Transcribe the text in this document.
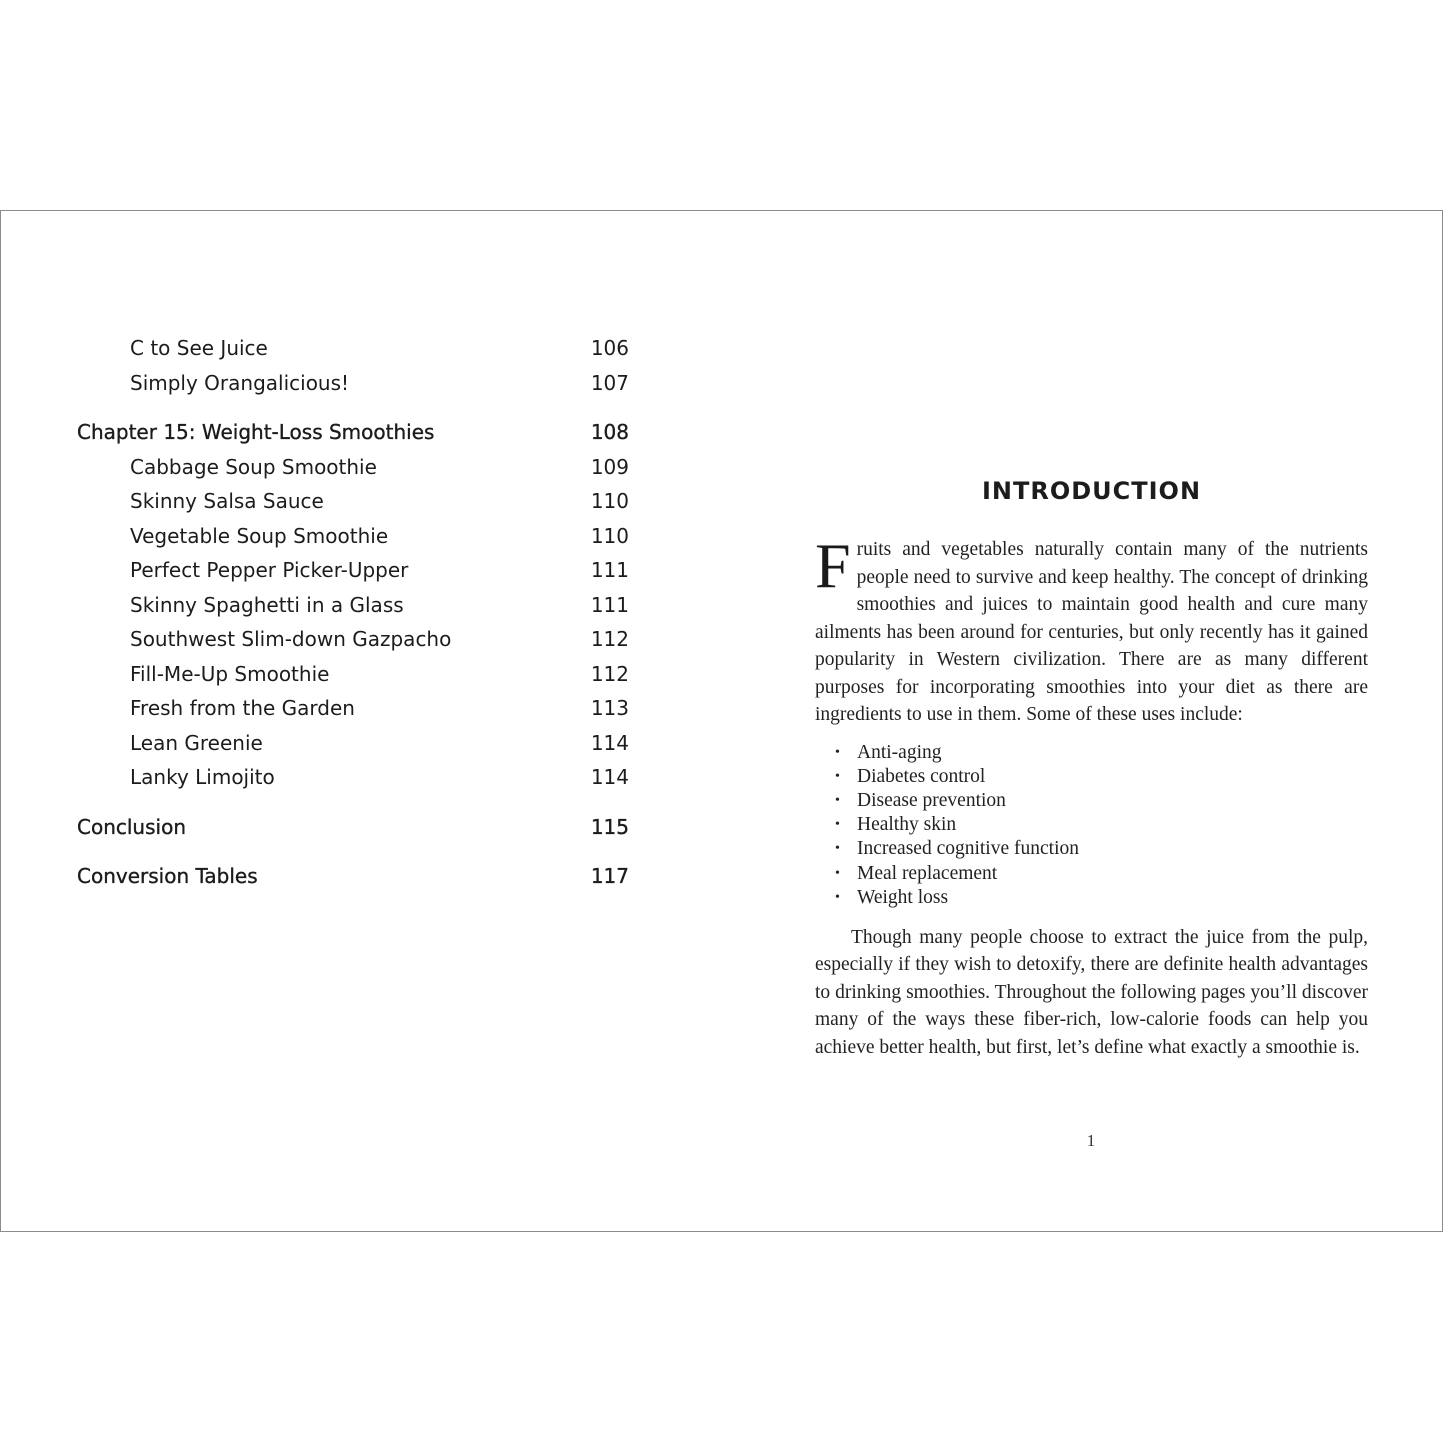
C to See Juice	106
Simply Orangalicious!	107
Chapter 15: Weight-Loss Smoothies	108
Cabbage Soup Smoothie	109
Skinny Salsa Sauce	110
Vegetable Soup Smoothie	110
Perfect Pepper Picker-Upper	111
Skinny Spaghetti in a Glass	111
Southwest Slim-down Gazpacho	112
Fill-Me-Up Smoothie	112
Fresh from the Garden	113
Lean Greenie	114
Lanky Limojito	114
Conclusion	115
Conversion Tables	117
INTRODUCTION

Fruits and vegetables naturally contain many of the nutrients people need to survive and keep healthy. The concept of drinking smoothies and juices to maintain good health and cure many ailments has been around for centuries, but only recently has it gained popularity in Western civilization. There are as many different purposes for incorporating smoothies into your diet as there are ingredients to use in them. Some of these uses include:

• Anti-aging
• Diabetes control
• Disease prevention
• Healthy skin
• Increased cognitive function
• Meal replacement
• Weight loss

Though many people choose to extract the juice from the pulp, especially if they wish to detoxify, there are definite health advantages to drinking smoothies. Throughout the following pages you’ll discover many of the ways these fiber-rich, low-calorie foods can help you achieve better health, but first, let’s define what exactly a smoothie is.

1
